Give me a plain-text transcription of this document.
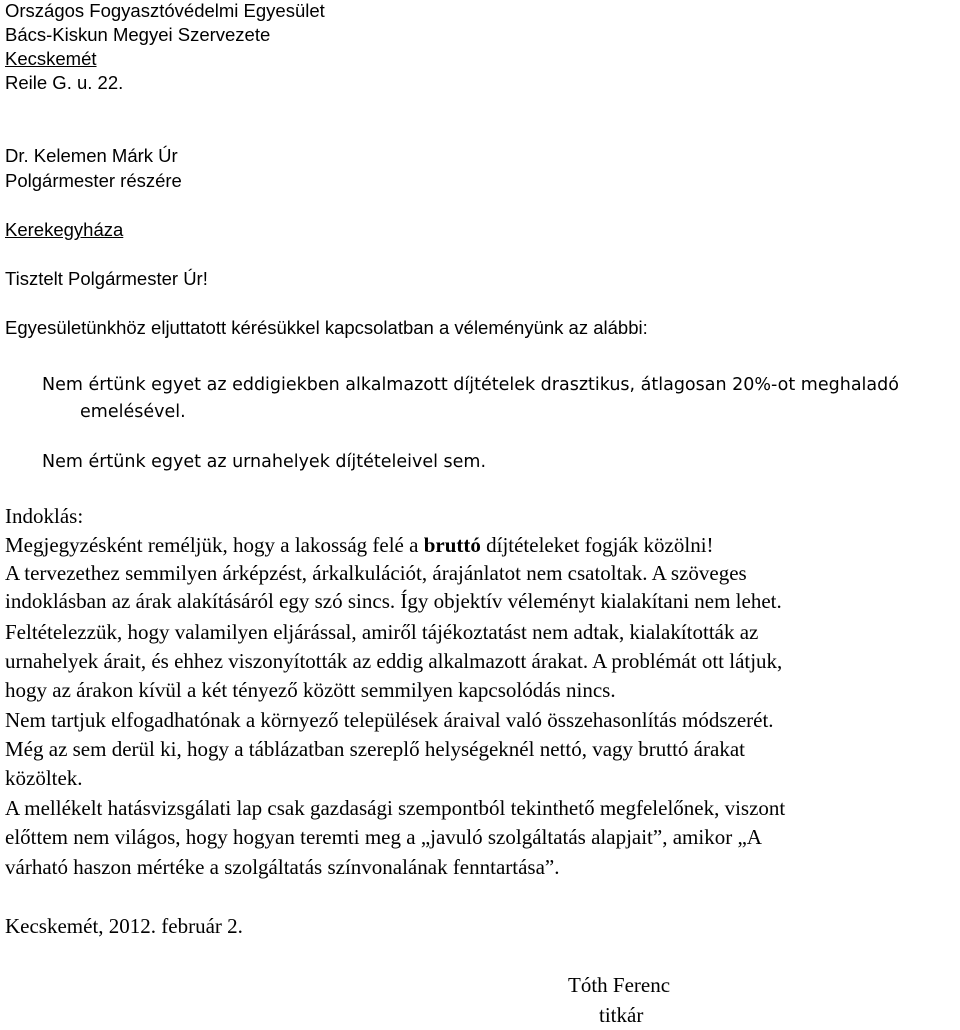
Országos Fogyasztóvédelmi Egyesület
Bács-Kiskun Megyei Szervezete
Kecskemét
Reile G. u. 22.
Dr. Kelemen Márk Úr
Polgármester részére
Kerekegyháza
Tisztelt Polgármester Úr!
Egyesületünkhöz eljuttatott kérésükkel kapcsolatban a véleményünk az alábbi:
Nem értünk egyet az eddigiekben alkalmazott díjtételek drasztikus, átlagosan 20%-ot meghaladó
emelésével.
Nem értünk egyet az urnahelyek díjtételeivel sem.
Indoklás:
Megjegyzésként reméljük, hogy a lakosság felé a bruttó díjtételeket fogják közölni!
A tervezethez semmilyen árképzést, árkalkulációt, árajánlatot nem csatoltak. A szöveges
indoklásban az árak alakításáról egy szó sincs. Így objektív véleményt kialakítani nem lehet.
Feltételezzük, hogy valamilyen eljárással, amiről tájékoztatást nem adtak, kialakították az
urnahelyek árait, és ehhez viszonyították az eddig alkalmazott árakat. A problémát ott látjuk,
hogy az árakon kívül a két tényező között semmilyen kapcsolódás nincs.
Nem tartjuk elfogadhatónak a környező települések áraival való összehasonlítás módszerét.
Még az sem derül ki, hogy a táblázatban szereplő helységeknél nettó, vagy bruttó árakat
közöltek.
A mellékelt hatásvizsgálati lap csak gazdasági szempontból tekinthető megfelelőnek, viszont
előttem nem világos, hogy hogyan teremti meg a „javuló szolgáltatás alapjait”, amikor „A
várható haszon mértéke a szolgáltatás színvonalának fenntartása”.
Kecskemét, 2012. február 2.
Tóth Ferenc
titkár
